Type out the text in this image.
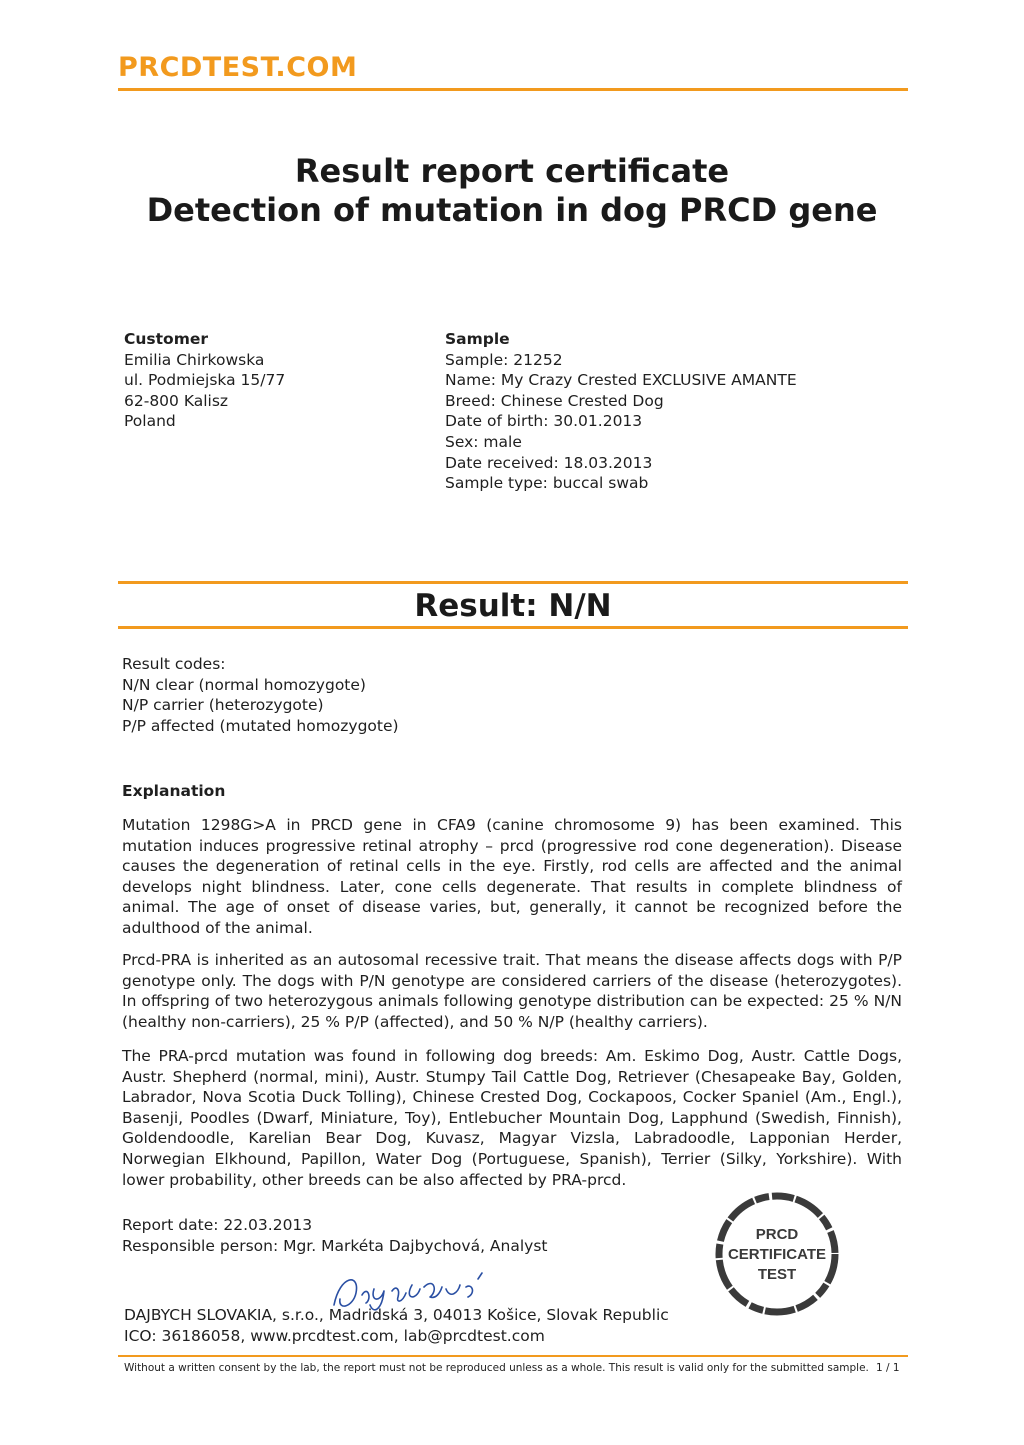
PRCDTEST.COM
Result report certificate
Detection of mutation in dog PRCD gene
Customer
Emilia Chirkowska
ul. Podmiejska 15/77
62-800 Kalisz
Poland
Sample
Sample: 21252
Name: My Crazy Crested EXCLUSIVE AMANTE
Breed: Chinese Crested Dog
Date of birth: 30.01.2013
Sex: male
Date received: 18.03.2013
Sample type: buccal swab
Result: N/N
Result codes:
N/N clear (normal homozygote)
N/P carrier (heterozygote)
P/P affected (mutated homozygote)
Explanation
Mutation 1298G>A in PRCD gene in CFA9 (canine chromosome 9) has been examined. This mutation induces progressive retinal atrophy – prcd (progressive rod cone degeneration). Disease causes the degeneration of retinal cells in the eye. Firstly, rod cells are affected and the animal develops night blindness. Later, cone cells degenerate. That results in complete blindness of animal. The age of onset of disease varies, but, generally, it cannot be recognized before the adulthood of the animal.
Prcd-PRA is inherited as an autosomal recessive trait. That means the disease affects dogs with P/P genotype only. The dogs with P/N genotype are considered carriers of the disease (heterozygotes). In offspring of two heterozygous animals following genotype distribution can be expected: 25 % N/N (healthy non-carriers), 25 % P/P (affected), and 50 % N/P (healthy carriers).
The PRA-prcd mutation was found in following dog breeds: Am. Eskimo Dog, Austr. Cattle Dogs, Austr. Shepherd (normal, mini), Austr. Stumpy Tail Cattle Dog, Retriever (Chesapeake Bay, Golden, Labrador, Nova Scotia Duck Tolling), Chinese Crested Dog, Cockapoos, Cocker Spaniel (Am., Engl.), Basenji, Poodles (Dwarf, Miniature, Toy), Entlebucher Mountain Dog, Lapphund (Swedish, Finnish), Goldendoodle, Karelian Bear Dog, Kuvasz, Magyar Vizsla, Labradoodle, Lapponian Herder, Norwegian Elkhound, Papillon, Water Dog (Portuguese, Spanish), Terrier (Silky, Yorkshire). With lower probability, other breeds can be also affected by PRA-prcd.
Report date: 22.03.2013
Responsible person: Mgr. Markéta Dajbychová, Analyst
DAJBYCH SLOVAKIA, s.r.o., Madridská 3, 04013 Košice, Slovak Republic
ICO: 36186058, www.prcdtest.com, lab@prcdtest.com
PRCD
CERTIFICATE
TEST
Without a written consent by the lab, the report must not be reproduced unless as a whole. This result is valid only for the submitted sample. 1 / 1
